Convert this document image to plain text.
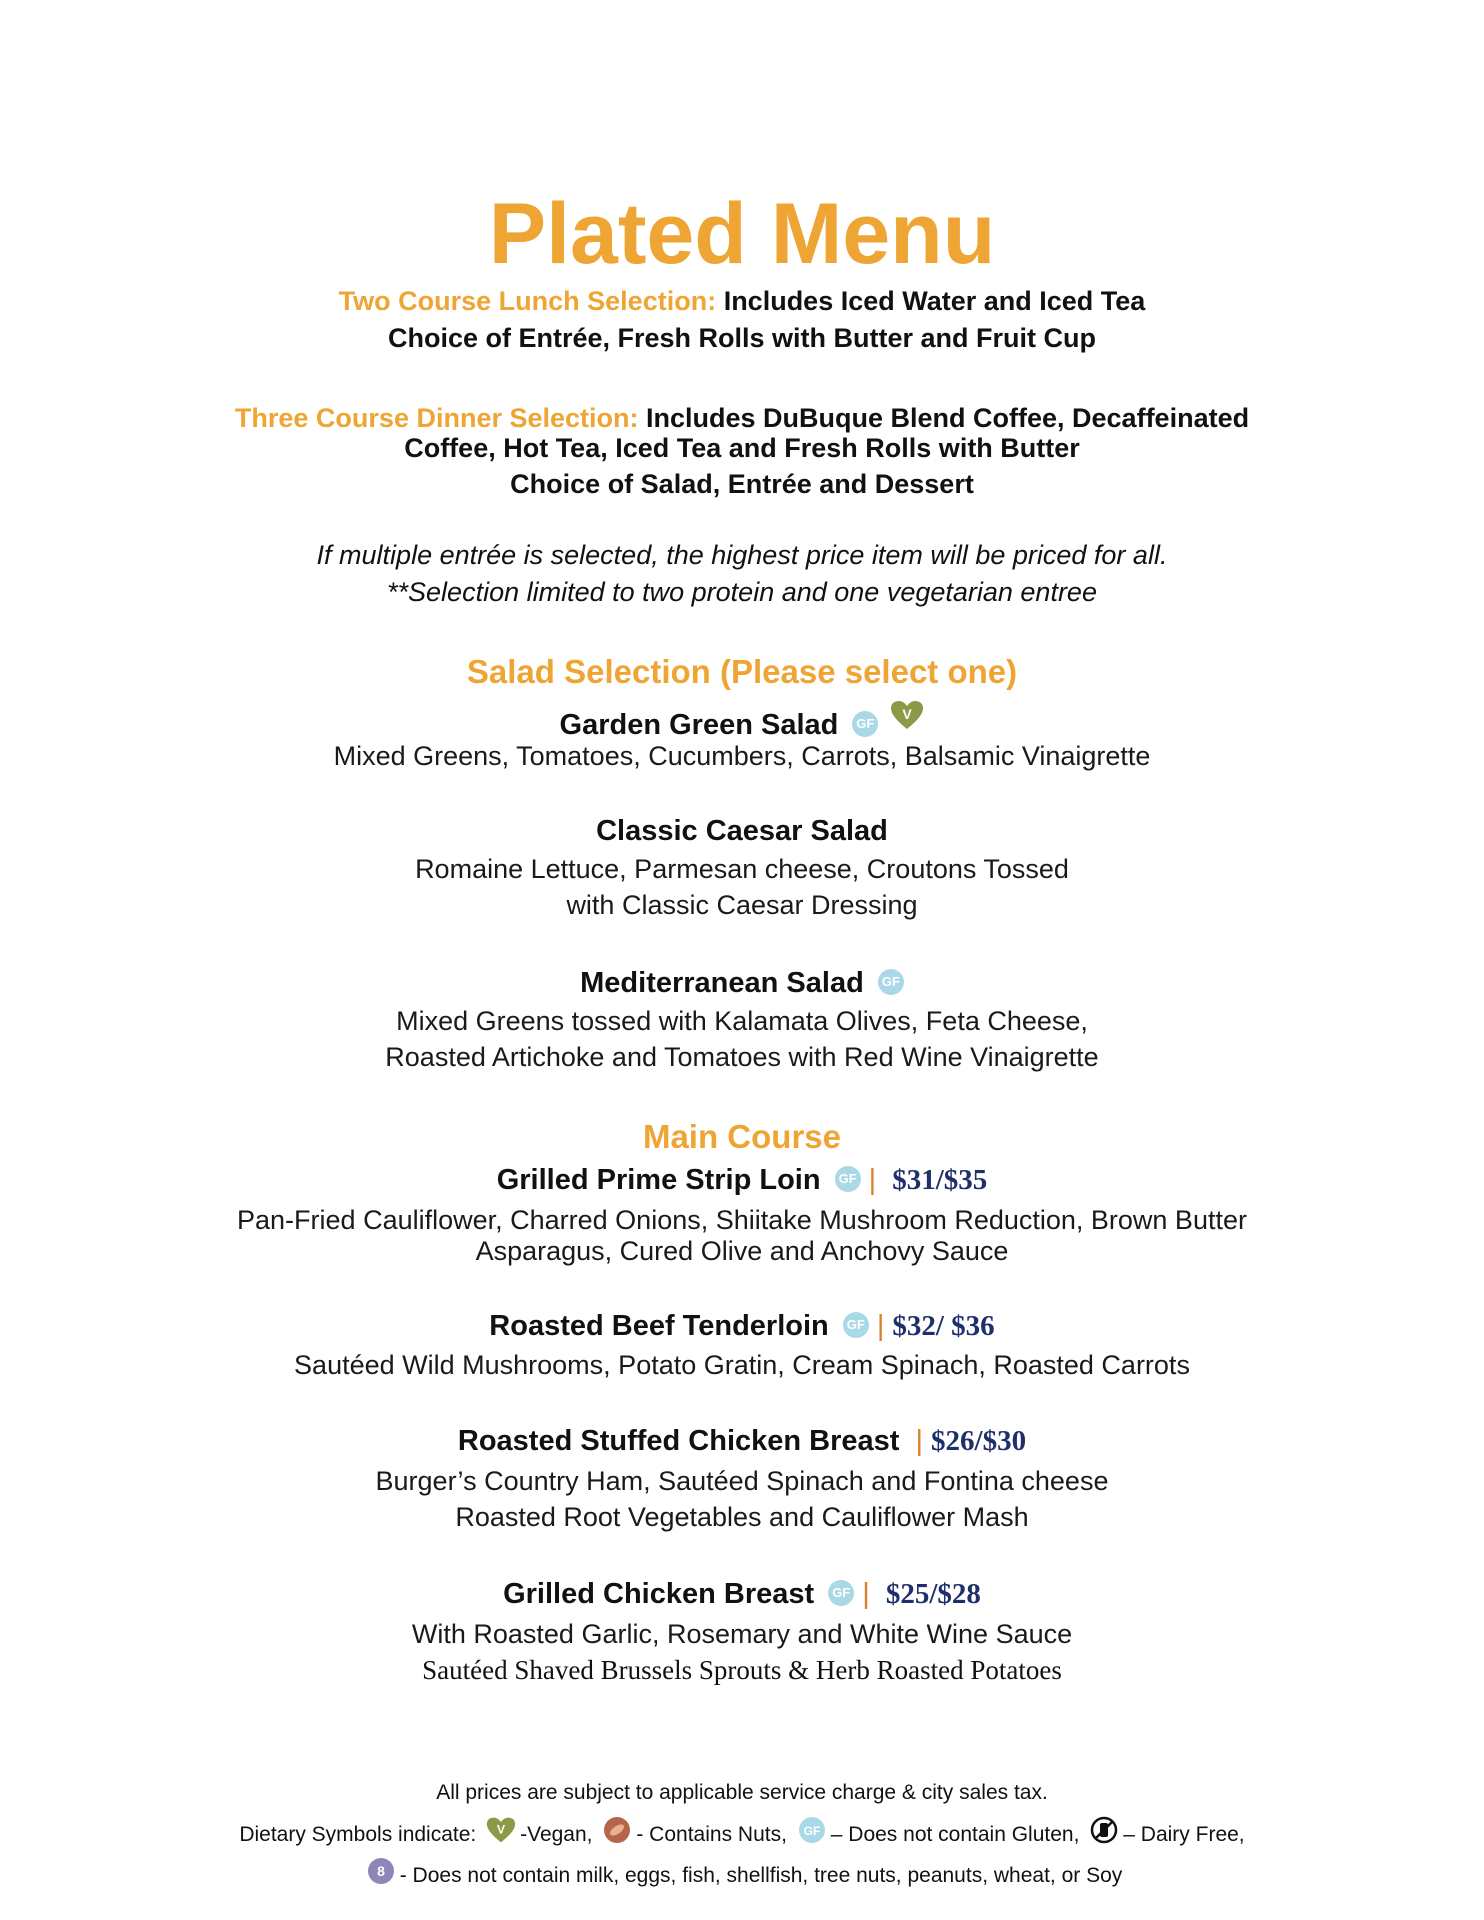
Plated Menu
Two Course Lunch Selection: Includes Iced Water and Iced Tea
Choice of Entrée, Fresh Rolls with Butter and Fruit Cup
Three Course Dinner Selection: Includes DuBuque Blend Coffee, Decaffeinated
Coffee, Hot Tea, Iced Tea and Fresh Rolls with Butter
Choice of Salad, Entrée and Dessert
If multiple entrée is selected, the highest price item will be priced for all.
**Selection limited to two protein and one vegetarian entree
Salad Selection (Please select one)
Garden Green Salad GF
V
Mixed Greens, Tomatoes, Cucumbers, Carrots, Balsamic Vinaigrette
Classic Caesar Salad
Romaine Lettuce, Parmesan cheese, Croutons Tossed
with Classic Caesar Dressing
Mediterranean Salad GF
Mixed Greens tossed with Kalamata Olives, Feta Cheese,
Roasted Artichoke and Tomatoes with Red Wine Vinaigrette
Main Course
Grilled Prime Strip Loin GF | $31/$35
Pan-Fried Cauliflower, Charred Onions, Shiitake Mushroom Reduction, Brown Butter
Asparagus, Cured Olive and Anchovy Sauce
Roasted Beef Tenderloin GF | $32/ $36
Sautéed Wild Mushrooms, Potato Gratin, Cream Spinach, Roasted Carrots
Roasted Stuffed Chicken Breast | $26/$30
Burger’s Country Ham, Sautéed Spinach and Fontina cheese
Roasted Root Vegetables and Cauliflower Mash
Grilled Chicken Breast GF | $25/$28
With Roasted Garlic, Rosemary and White Wine Sauce
Sautéed Shaved Brussels Sprouts & Herb Roasted Potatoes
All prices are subject to applicable service charge & city sales tax.
Dietary Symbols indicate: V -Vegan, - Contains Nuts, GF – Does not contain Gluten, – Dairy Free,
8 - Does not contain milk, eggs, fish, shellfish, tree nuts, peanuts, wheat, or Soy
